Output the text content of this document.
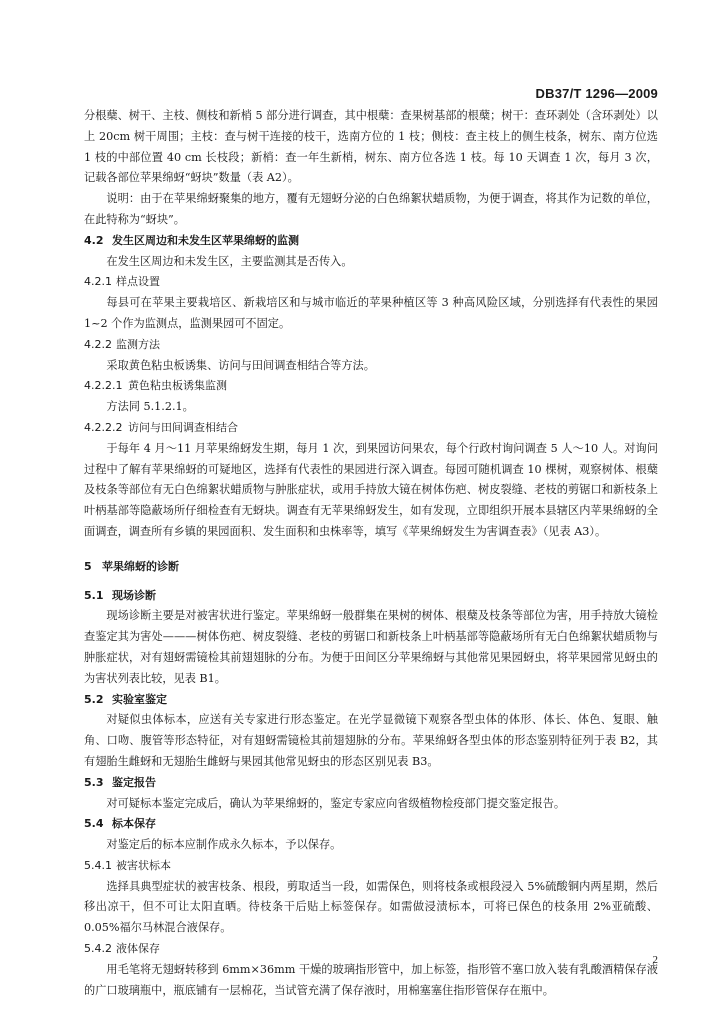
DB37/T 1296—2009

分根蘖、树干、主枝、侧枝和新梢 5 部分进行调查，其中根蘖：查果树基部的根蘖；树干：查环剥处（含环剥处）以上 20cm 树干周围；主枝：查与树干连接的枝干，选南方位的 1 枝；侧枝：查主枝上的侧生枝条，树东、南方位选 1 枝的中部位置 40 cm 长枝段；新梢：查一年生新梢，树东、南方位各选 1 枝。每 10 天调查 1 次，每月 3 次，记载各部位苹果绵蚜“蚜块”数量（表 A2）。

说明：由于在苹果绵蚜聚集的地方，覆有无翅蚜分泌的白色绵絮状蜡质物，为便于调查，将其作为记数的单位，在此特称为“蚜块”。

4.2 发生区周边和未发生区苹果绵蚜的监测

在发生区周边和未发生区，主要监测其是否传入。

4.2.1 样点设置

每县可在苹果主要栽培区、新栽培区和与城市临近的苹果种植区等 3 种高风险区域，分别选择有代表性的果园 1~2 个作为监测点，监测果园可不固定。

4.2.2 监测方法

采取黄色粘虫板诱集、访问与田间调查相结合等方法。

4.2.2.1 黄色粘虫板诱集监测

方法同 5.1.2.1。

4.2.2.2 访问与田间调查相结合

于每年 4 月～11 月苹果绵蚜发生期，每月 1 次，到果园访问果农，每个行政村询问调查 5 人～10 人。对询问过程中了解有苹果绵蚜的可疑地区，选择有代表性的果园进行深入调查。每园可随机调查 10 棵树，观察树体、根蘖及枝条等部位有无白色绵絮状蜡质物与肿胀症状，或用手持放大镜在树体伤疤、树皮裂缝、老枝的剪锯口和新枝条上叶柄基部等隐蔽场所仔细检查有无蚜块。调查有无苹果绵蚜发生，如有发现，立即组织开展本县辖区内苹果绵蚜的全面调查，调查所有乡镇的果园面积、发生面积和虫株率等，填写《苹果绵蚜发生为害调查表》（见表 A3）。

5 苹果绵蚜的诊断
5.1 现场诊断

现场诊断主要是对被害状进行鉴定。苹果绵蚜一般群集在果树的树体、根蘖及枝条等部位为害，用手持放大镜检查鉴定其为害处———树体伤疤、树皮裂缝、老枝的剪锯口和新枝条上叶柄基部等隐蔽场所有无白色绵絮状蜡质物与肿胀症状，对有翅蚜需镜检其前翅翅脉的分布。为便于田间区分苹果绵蚜与其他常见果园蚜虫，将苹果园常见蚜虫的为害状列表比较，见表 B1。

5.2 实验室鉴定

对疑似虫体标本，应送有关专家进行形态鉴定。在光学显微镜下观察各型虫体的体形、体长、体色、复眼、触角、口吻、腹管等形态特征，对有翅蚜需镜检其前翅翅脉的分布。苹果绵蚜各型虫体的形态鉴别特征列于表 B2，其有翅胎生雌蚜和无翅胎生雌蚜与果园其他常见蚜虫的形态区别见表 B3。

5.3 鉴定报告

对可疑标本鉴定完成后，确认为苹果绵蚜的，鉴定专家应向省级植物检疫部门提交鉴定报告。

5.4 标本保存

对鉴定后的标本应制作成永久标本，予以保存。

5.4.1 被害状标本

选择具典型症状的被害枝条、根段，剪取适当一段，如需保色，则将枝条或根段浸入 5%硫酸铜内两星期，然后移出凉干，但不可让太阳直晒。待枝条干后贴上标签保存。如需做浸渍标本，可将已保色的枝条用 2%亚硫酸、0.05%福尔马林混合液保存。

5.4.2 液体保存

用毛笔将无翅蚜转移到 6mm×36mm 干燥的玻璃指形管中，加上标签，指形管不塞口放入装有乳酸酒精保存液的广口玻璃瓶中，瓶底铺有一层棉花，当试管充满了保存液时，用棉塞塞住指形管保存在瓶中。

2
